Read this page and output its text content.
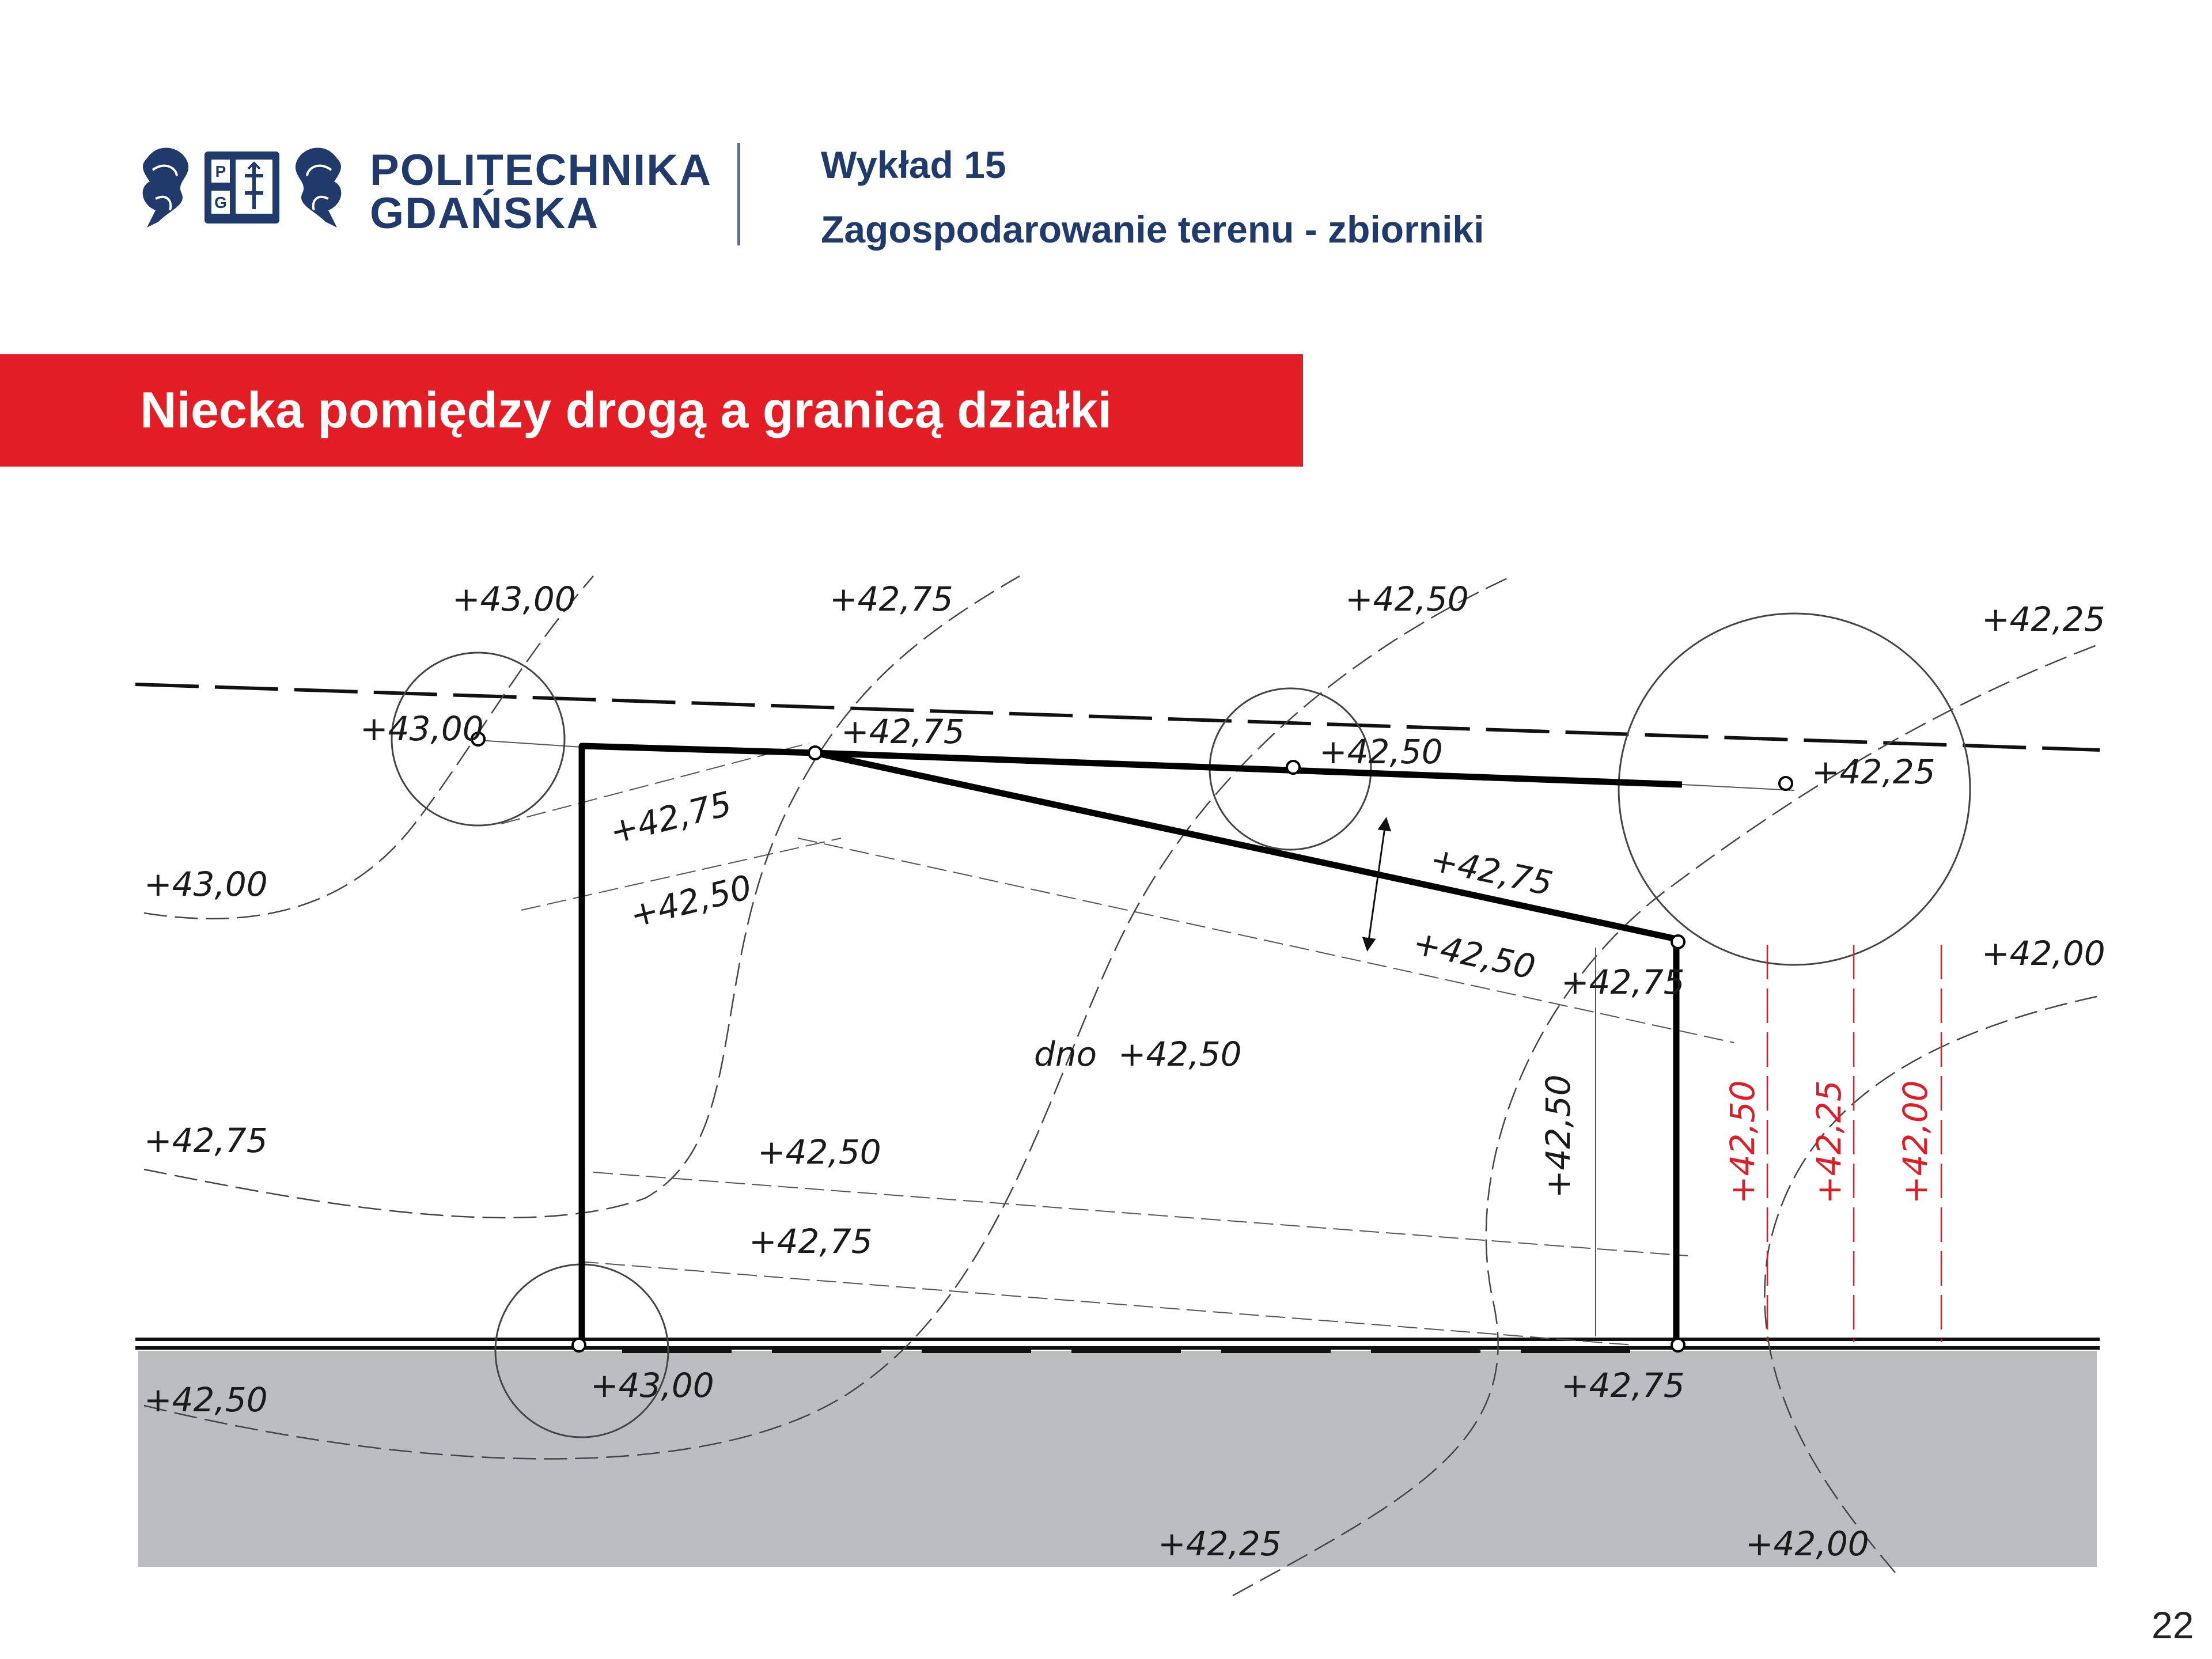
P
G
POLITECHNIKA
GDAŃSKA
Wykład 15
Zagospodarowanie terenu - zbiorniki
Niecka pomiędzy drogą a granicą działki
+43,00	+42,75	+42,50
+42,25
+43,00
+42,75
+42,50
+42,00
+42,25	+42,00
+43,00	+42,75
+42,50
+42,25
+43,00	+42,75
+42,75
+42,50	+42,75
+42,50 +42,75
+42,50
+42,50
+42,75
dno  +42,50
+42,50 +42,25 +42,00
22
